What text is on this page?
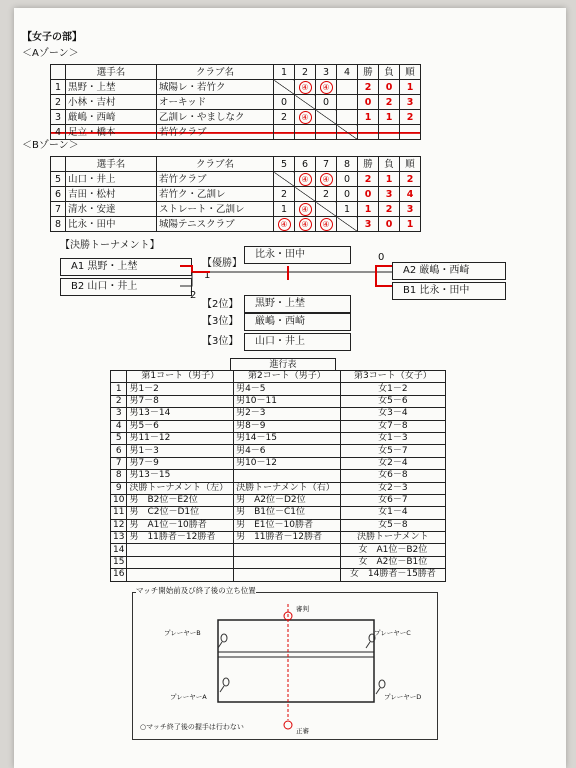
【女子の部】
＜Aゾーン＞
	選手名	クラブ名	1	2	3	4	勝	負	順
1	黒野・上埜	城陽レ・若竹ク		④	④		2	0	1
2	小林・吉村	オーキッド	0		0		0	2	3
3	厳嶋・西崎	乙訓レ・やましなク	2	④			1	1	2
4	足立・橋本	若竹クラブ							
＜Bゾーン＞
	選手名	クラブ名	5	6	7	8	勝	負	順
5	山口・井上	若竹クラブ		④	④	0	2	1	2
6	吉田・松村	若竹ク・乙訓レ	2		2	0	0	3	4
7	清水・安達	ストレート・乙訓レ	1	④		1	1	2	3
8	比永・田中	城陽テニスクラブ	④	④	④		3	0	1
【決勝トーナメント】
A1 黒野・上埜
B2 山口・井上
1
2
【優勝】
比永・田中	0
A2 厳嶋・西崎
B1 比永・田中
【2位】	黒野・上埜
【3位】	厳嶋・西崎
【3位】	山口・井上
進行表
	第1コート（男子）	第2コート（男子）	第3コート（女子）
1	男1－2	男4－5	女1－2
2	男7－8	男10－11	女5－6
3	男13－14	男2－3	女3－4
4	男5－6	男8－9	女7－8
5	男11－12	男14－15	女1－3
6	男1－3	男4－6	女5－7
7	男7－9	男10－12	女2－4
8	男13－15		女6－8
9	決勝トーナメント（左）	決勝トーナメント（右）	女2－3
10	男　B2位－E2位	男　A2位－D2位	女6－7
11	男　C2位－D1位	男　B1位－C1位	女1－4
12	男　A1位－10勝者	男　E1位－10勝者	女5－8
13	男　11勝者－12勝者	男　11勝者－12勝者	決勝トーナメント
14			女　A1位－B2位
15			女　A2位－B1位
16			女　14勝者－15勝者
マッチ開始前及び終了後の立ち位置
審判
正審
プレーヤーB	プレーヤーC
プレーヤーA	プレーヤーD
○マッチ終了後の握手は行わない
